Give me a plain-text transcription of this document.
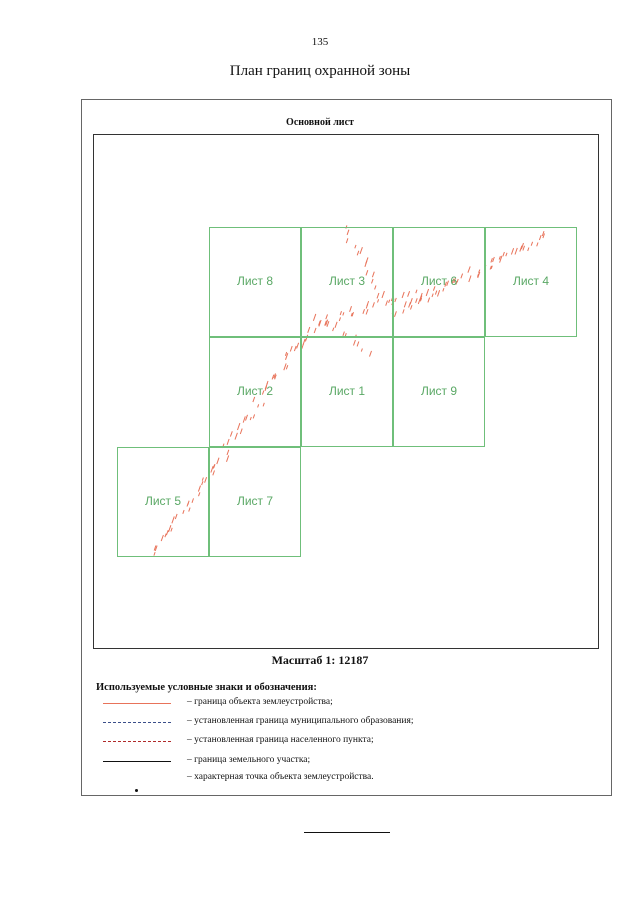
135
План границ охранной зоны
Основной лист
Лист 8	Лист 3	Лист 6	Лист 4
Лист 2	Лист 1	Лист 9
Лист 5	Лист 7
Масштаб 1: 12187
Используемые условные знаки и обозначения:
– граница объекта землеустройства;
– установленная граница муниципального образования;
– установленная граница населенного пункта;
– граница земельного участка;
– характерная точка объекта землеустройства.
